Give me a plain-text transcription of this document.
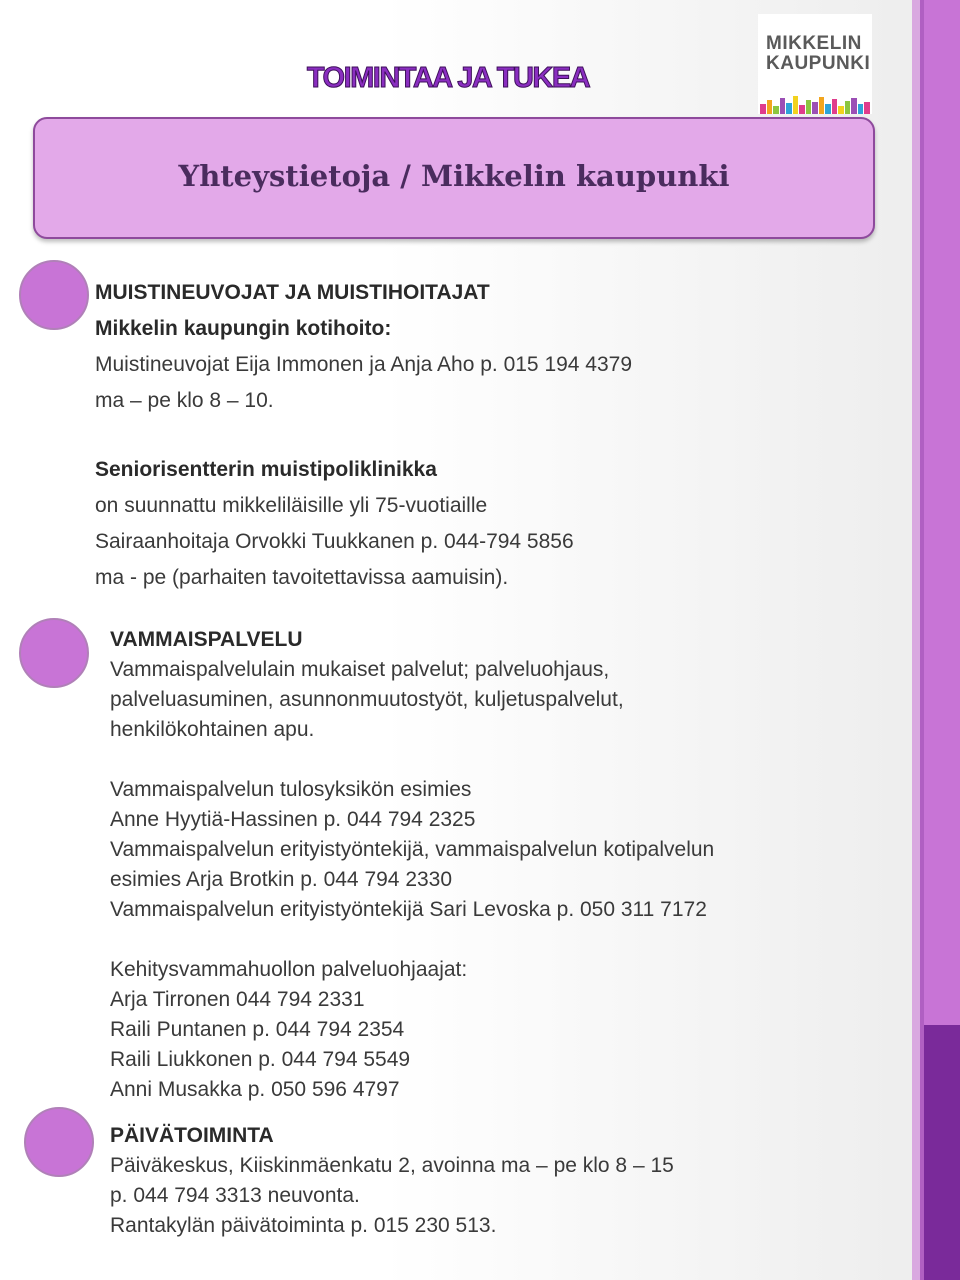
MIKKELIN
KAUPUNKI
TOIMINTAA JA TUKEA
Yhteystietoja / Mikkelin kaupunki
MUISTINEUVOJAT JA MUISTIHOITAJAT
Mikkelin kaupungin kotihoito:
Muistineuvojat Eija Immonen ja Anja Aho p. 015 194 4379
ma – pe klo 8 – 10.
Seniorisentterin muistipoliklinikka
on suunnattu mikkeliläisille yli 75-vuotiaille
Sairaanhoitaja Orvokki Tuukkanen p. 044-794 5856
ma - pe (parhaiten tavoitettavissa aamuisin).
VAMMAISPALVELU
Vammaispalvelulain mukaiset palvelut; palveluohjaus,
palveluasuminen, asunnonmuutostyöt, kuljetuspalvelut,
henkilökohtainen apu.
Vammaispalvelun tulosyksikön esimies
Anne Hyytiä-Hassinen p. 044 794 2325
Vammaispalvelun erityistyöntekijä, vammaispalvelun kotipalvelun
esimies Arja Brotkin p. 044 794 2330
Vammaispalvelun erityistyöntekijä Sari Levoska p. 050 311 7172
Kehitysvammahuollon palveluohjaajat:
Arja Tirronen 044 794 2331
Raili Puntanen p. 044 794 2354
Raili Liukkonen p. 044 794 5549
Anni Musakka p. 050 596 4797
PÄIVÄTOIMINTA
Päiväkeskus, Kiiskinmäenkatu 2, avoinna ma – pe klo 8 – 15
p. 044 794 3313 neuvonta.
Rantakylän päivätoiminta p. 015 230 513.
